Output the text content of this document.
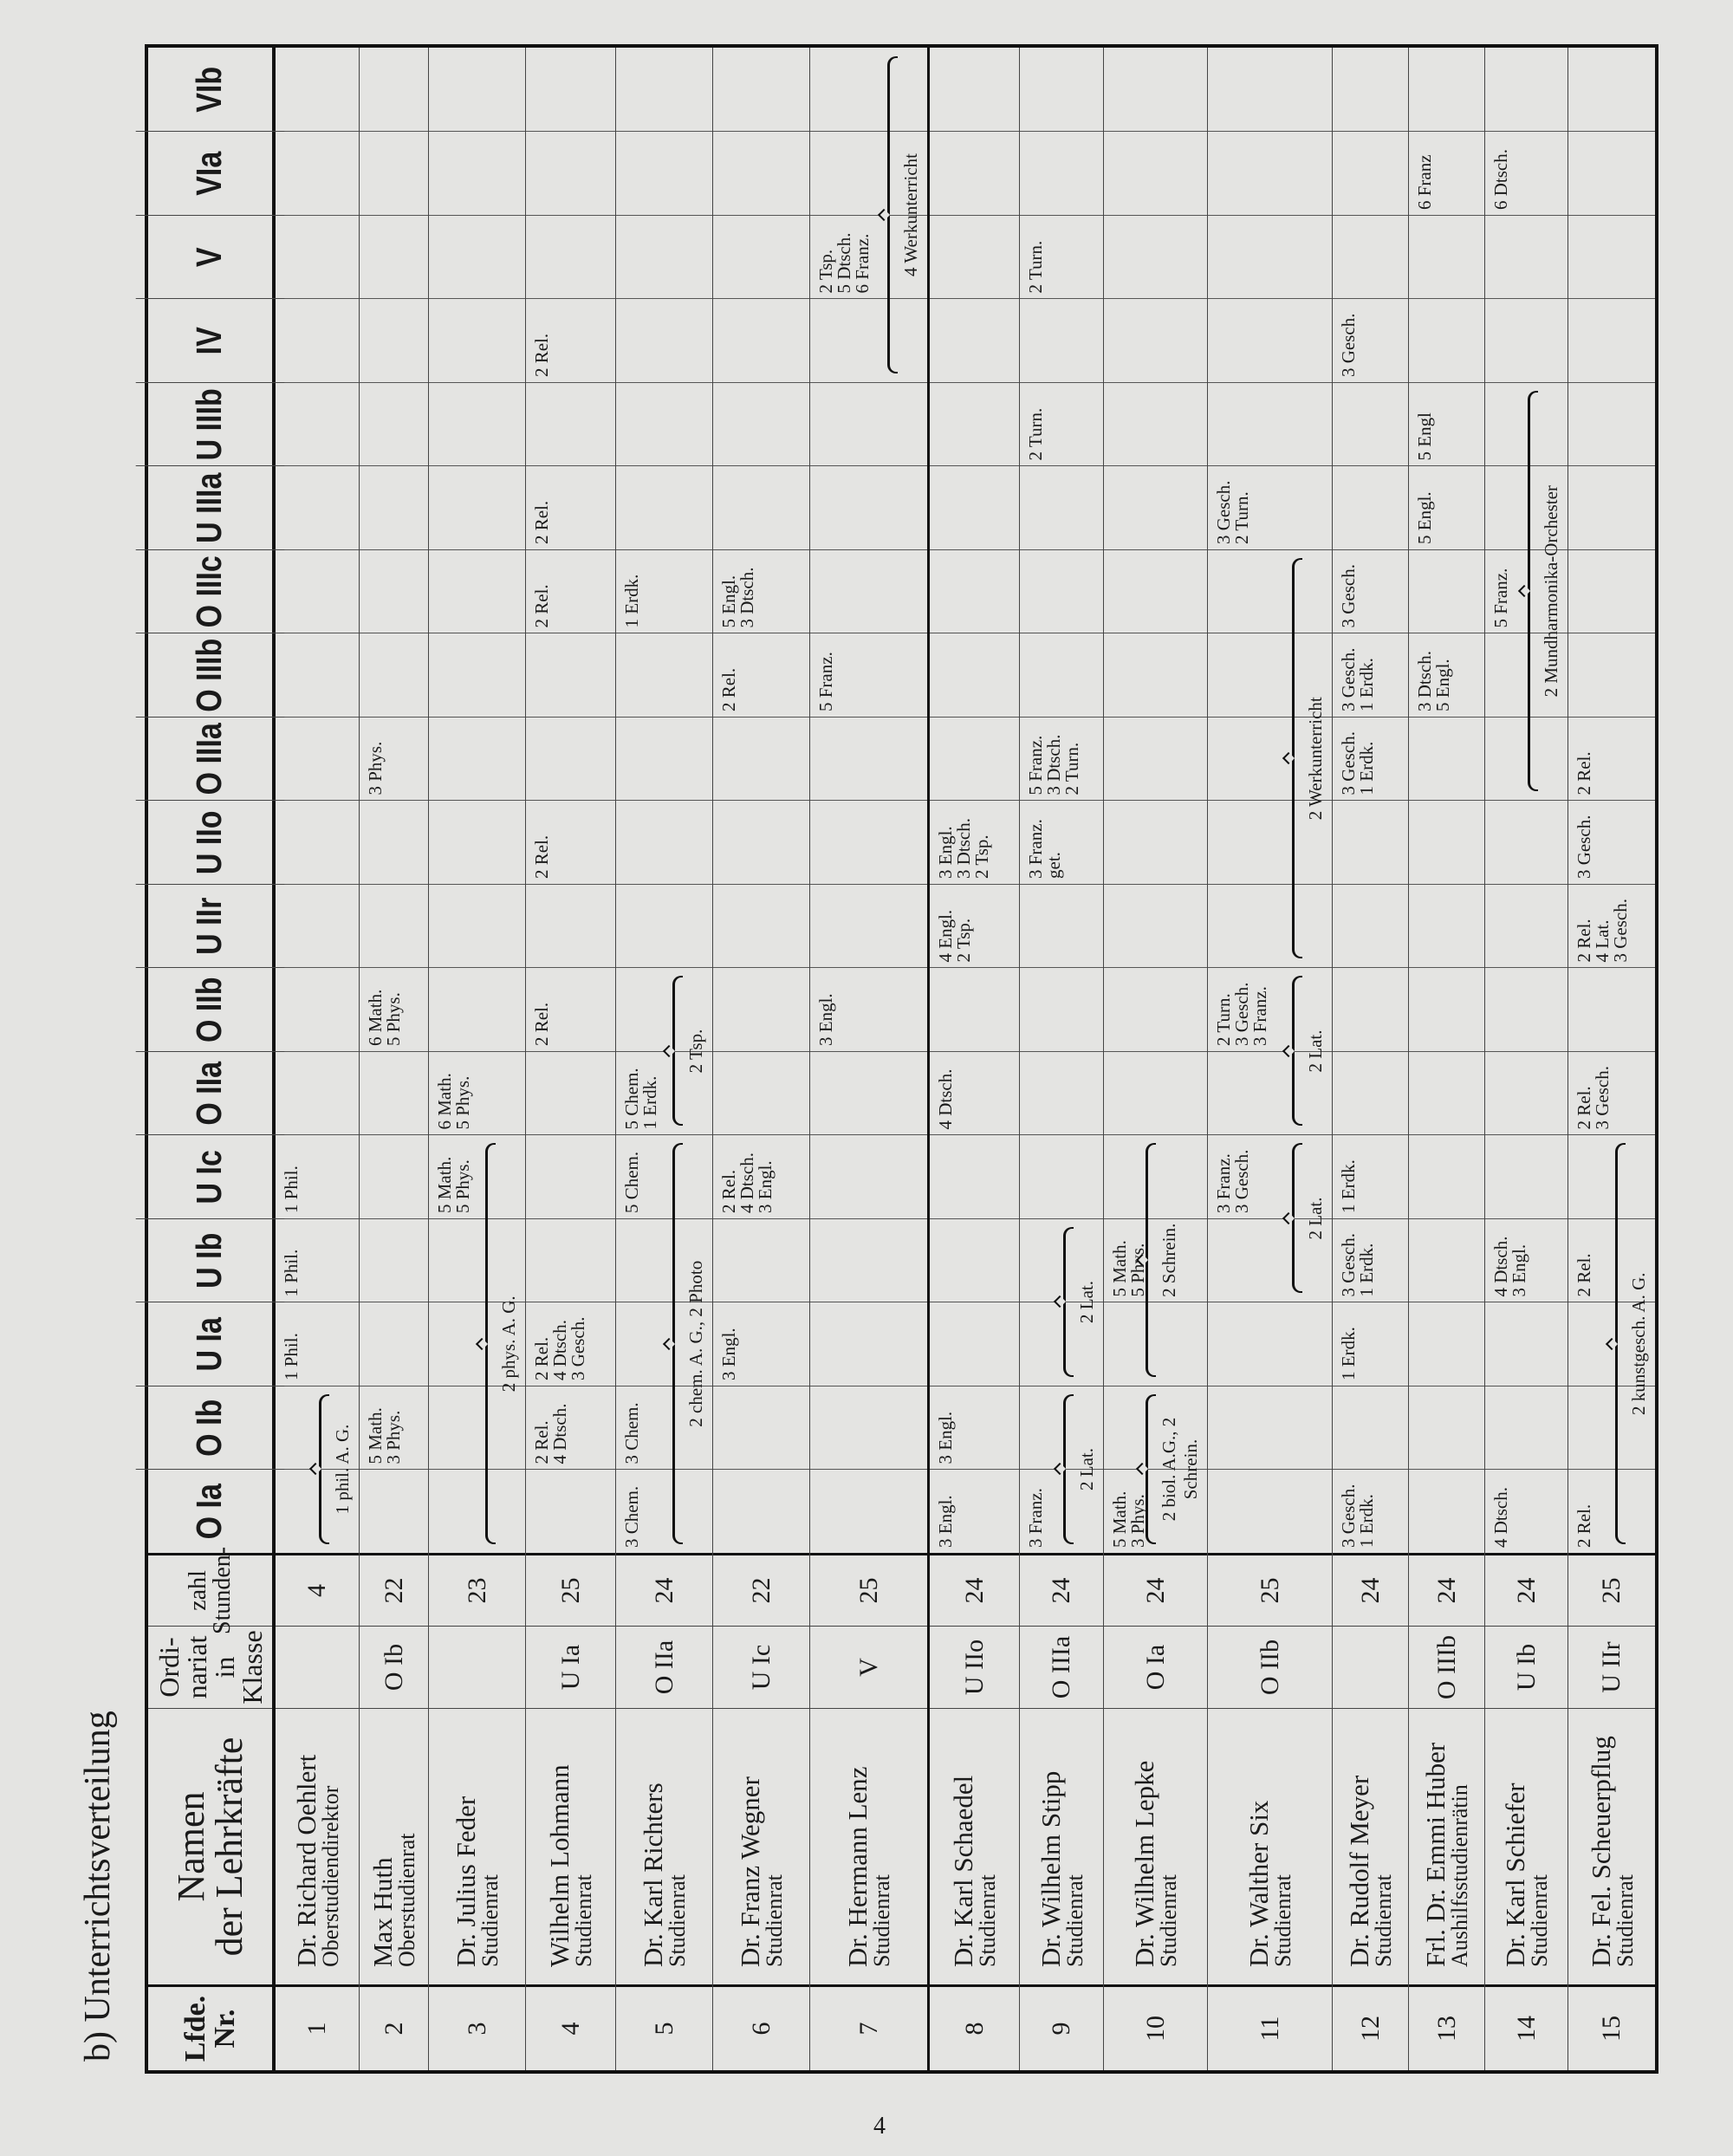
b) Unterrichtsverteilung Lfde.
Nr.
Namen
der Lehrkräfte
Ordi-
nariat
in
Klasse
Stunden-
zahl
O Ia
O Ib
U Ia
U Ib
U Ic
O IIa
O IIb
U IIr
U IIo
O IIIa
O IIIb
O IIIc
U IIIa
U IIIb
IV
V
VIa
VIb
1
Dr. Richard Oehlert
Oberstudiendirektor
4
1 Phil.
1 Phil.
1 Phil.
1 phil. A. G.
2
Max Huth
Oberstudienrat
O Ib
22
5 Math.
3 Phys.
6 Math.
5 Phys.
3 Phys.
3
Dr. Julius Feder
Studienrat
23
5 Math.
5 Phys.
6 Math.
5 Phys.
2 phys. A. G.
4
Wilhelm Lohmann
Studienrat
U Ia
25
2 Rel.
4 Dtsch.
2 Rel.
4 Dtsch.
3 Gesch.
2 Rel.
2 Rel.
2 Rel.
2 Rel.
2 Rel.
5
Dr. Karl Richters
Studienrat
O IIa
24
3 Chem.
3 Chem.
5 Chem.
5 Chem.
1 Erdk.
1 Erdk.
2 chem. A. G., 2 Photo
2 Tsp.
6
Dr. Franz Wegner
Studienrat
U Ic
22
3 Engl.
2 Rel.
4 Dtsch.
3 Engl.
2 Rel.
5 Engl.
3 Dtsch.
7
Dr. Hermann Lenz
Studienrat
V
25
3 Engl.
5 Franz.
2 Tsp.
5 Dtsch.
6 Franz.	4 Werkunterricht
8
Dr. Karl Schaedel
Studienrat
U IIo
24
3 Engl.
3 Engl.
4 Dtsch.
4 Engl.
2 Tsp.
3 Engl.
3 Dtsch.
2 Tsp.
9
Dr. Wilhelm Stipp
Studienrat
O IIIa
24
3 Franz.
3 Franz.
get.
5 Franz.
3 Dtsch.
2 Turn.
2 Turn.
2 Turn.
2 Lat.
2 Lat.
10
Dr. Wilhelm Lepke
Studienrat
O Ia
24
5 Math.
3 Phys.
5 Math.
5 Phys.
2 biol. A.G., 2 Schrein.
2 Schrein.
11
Dr. Walther Six
Studienrat
O IIb
25
3 Franz.
3 Gesch.
2 Turn.
3 Gesch.
3 Franz.
3 Gesch.
2 Turn.
2 Lat.
2 Lat.
2 Werkunterricht
12
Dr. Rudolf Meyer
Studienrat
24
3 Gesch.
1 Erdk.
1 Erdk.
3 Gesch.
1 Erdk.
1 Erdk.
3 Gesch.
1 Erdk.
3 Gesch.
1 Erdk.
3 Gesch.
3 Gesch.
13
Frl. Dr. Emmi Huber
Aushilfsstudienrätin
O IIIb
24
3 Dtsch.
5 Engl.
5 Engl.
5 Engl
6 Franz
14
Dr. Karl Schiefer
Studienrat
U Ib
24
4 Dtsch.
4 Dtsch.
3 Engl.
5 Franz.
6 Dtsch.
2 Mundharmonika-Orchester
15
Dr. Fel. Scheuerpflug
Studienrat
U IIr
25
2 Rel.
2 Rel.
2 Rel.
3 Gesch.
2 Rel.
4 Lat.
3 Gesch.
3 Gesch.
2 Rel.
2 kunstgesch. A. G.
4
